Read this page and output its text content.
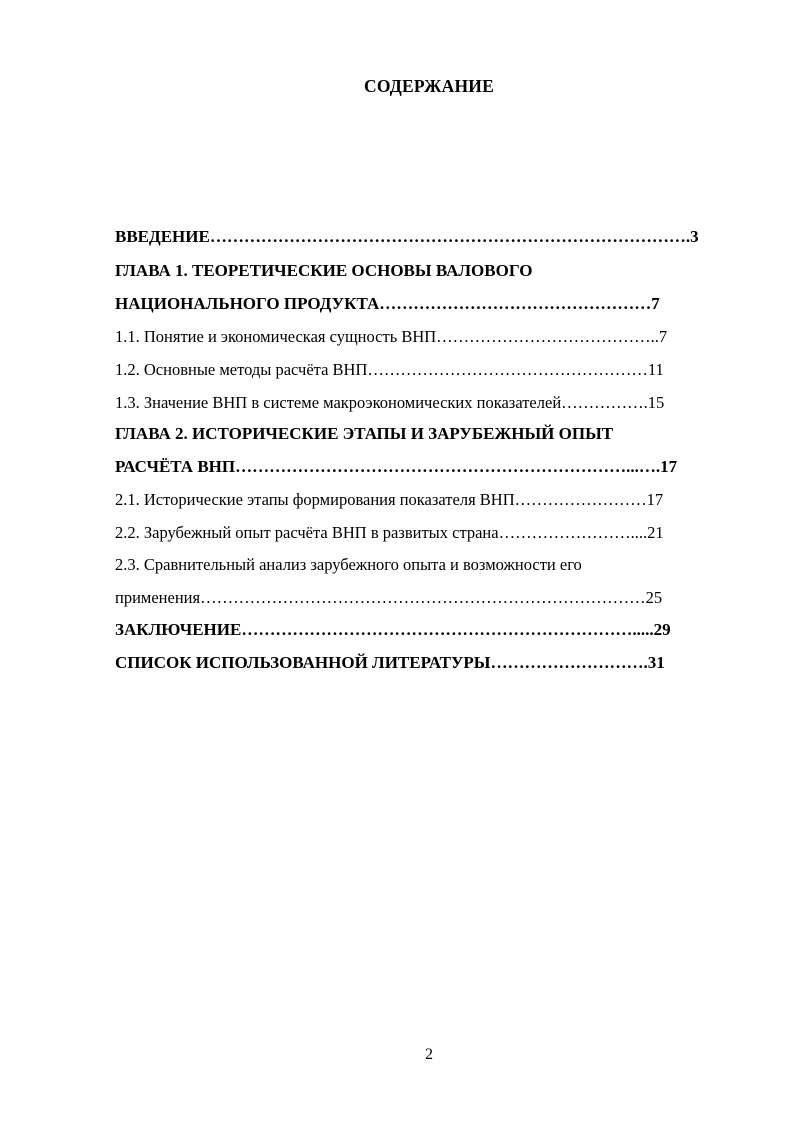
СОДЕРЖАНИЕ
ВВЕДЕНИЕ………………………………………………………………………….3
ГЛАВА 1. ТЕОРЕТИЧЕСКИЕ ОСНОВЫ ВАЛОВОГО
НАЦИОНАЛЬНОГО ПРОДУКТА…………………………………………7
1.1. Понятие и экономическая сущность ВНП…………………………………..7
1.2. Основные методы расчёта ВНП……………………………………………11
1.3. Значение ВНП в системе макроэкономических показателей…………….15
ГЛАВА 2. ИСТОРИЧЕСКИЕ ЭТАПЫ И ЗАРУБЕЖНЫЙ ОПЫТ
РАСЧЁТА ВНП……………………………………………………………...….17
2.1. Исторические этапы формирования показателя ВНП……………………17
2.2. Зарубежный опыт расчёта ВНП в развитых страна……………………....21
2.3. Сравнительный анализ зарубежного опыта и возможности его
применения………………………………………………………………………25
ЗАКЛЮЧЕНИЕ…………………………………………………………….....29
СПИСОК ИСПОЛЬЗОВАННОЙ ЛИТЕРАТУРЫ……………………….31
2
